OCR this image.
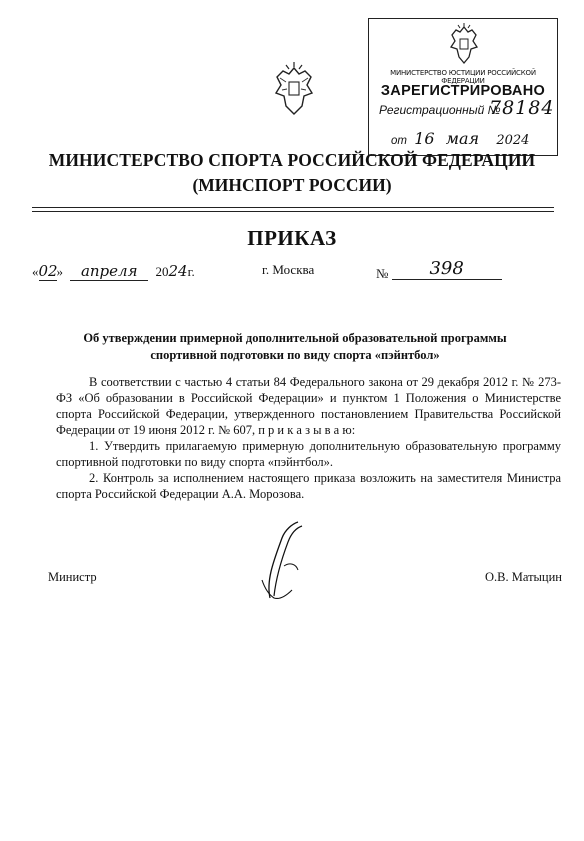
МИНИСТЕРСТВО ЮСТИЦИИ РОССИЙСКОЙ ФЕДЕРАЦИИ
ЗАРЕГИСТРИРОВАНО
Регистрационный №
78184
от 16 мая 2024
МИНИСТЕРСТВО СПОРТА РОССИЙСКОЙ ФЕДЕРАЦИИ
(МИНСПОРТ РОССИИ)
ПРИКАЗ
«02» апреля 2024г.	г. Москва	№ 398
Об утверждении примерной дополнительной образовательной программы
спортивной подготовки по виду спорта «пэйнтбол»

В соответствии с частью 4 статьи 84 Федерального закона от 29 декабря 2012 г. № 273-ФЗ «Об образовании в Российской Федерации» и пунктом 1 Положения о Министерстве спорта Российской Федерации, утвержденного постановлением Правительства Российской Федерации от 19 июня 2012 г. № 607, п р и к а з ы в а ю:

1. Утвердить прилагаемую примерную дополнительную образовательную программу спортивной подготовки по виду спорта «пэйнтбол».

2. Контроль за исполнением настоящего приказа возложить на заместителя Министра спорта Российской Федерации А.А. Морозова.

Министр	О.В. Матыцин
